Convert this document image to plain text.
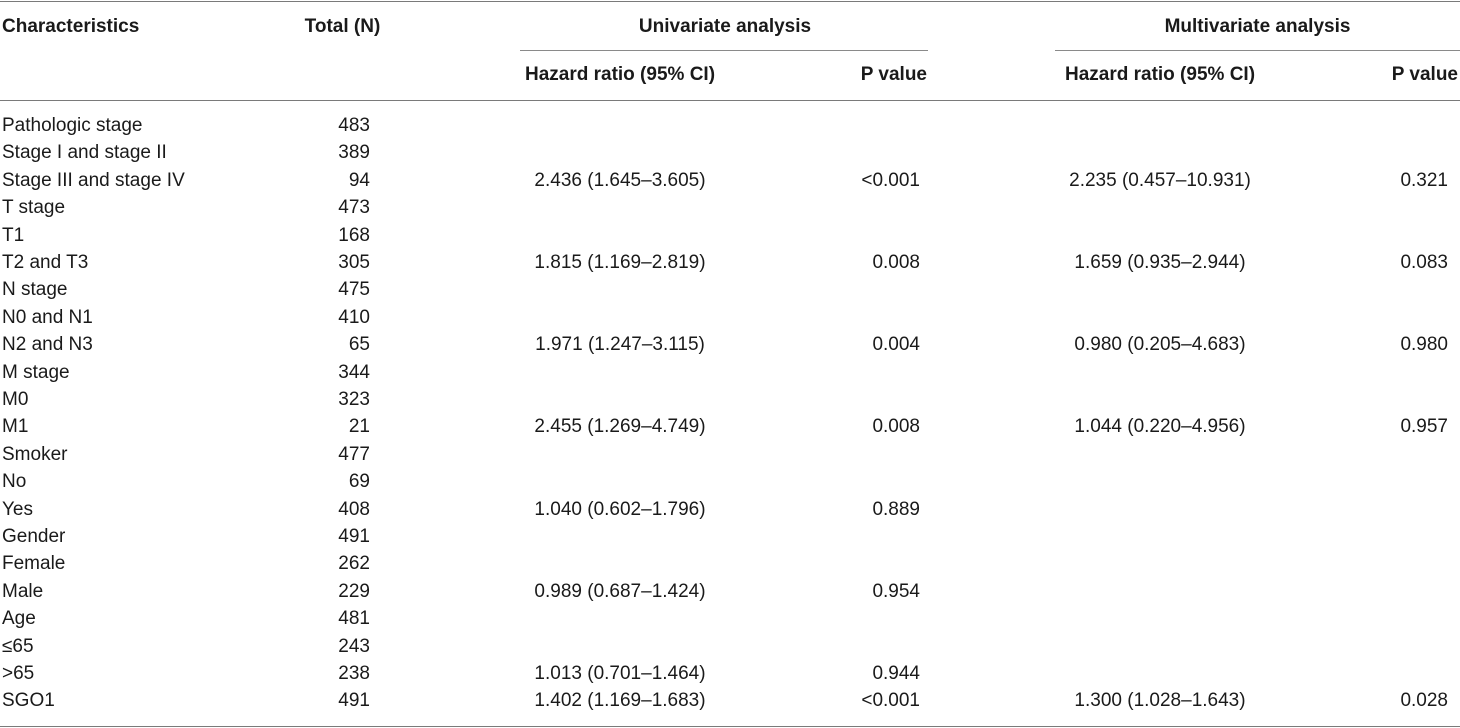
Characteristics	Total (N)	Univariate analysis	Multivariate analysis
Hazard ratio (95% CI)	P value	Hazard ratio (95% CI)	P value
Pathologic stage	483
Stage I and stage II	389
Stage III and stage IV	94	2.436 (1.645–3.605)	<0.001	2.235 (0.457–10.931)	0.321
T stage	473
T1	168
T2 and T3	305	1.815 (1.169–2.819)	0.008	1.659 (0.935–2.944)	0.083
N stage	475
N0 and N1	410
N2 and N3	65	1.971 (1.247–3.115)	0.004	0.980 (0.205–4.683)	0.980
M stage	344
M0	323
M1	21	2.455 (1.269–4.749)	0.008	1.044 (0.220–4.956)	0.957
Smoker	477
No	69
Yes	408	1.040 (0.602–1.796)	0.889
Gender	491
Female	262
Male	229	0.989 (0.687–1.424)	0.954
Age	481
≤65	243
>65	238	1.013 (0.701–1.464)	0.944
SGO1	491	1.402 (1.169–1.683)	<0.001	1.300 (1.028–1.643)	0.028
